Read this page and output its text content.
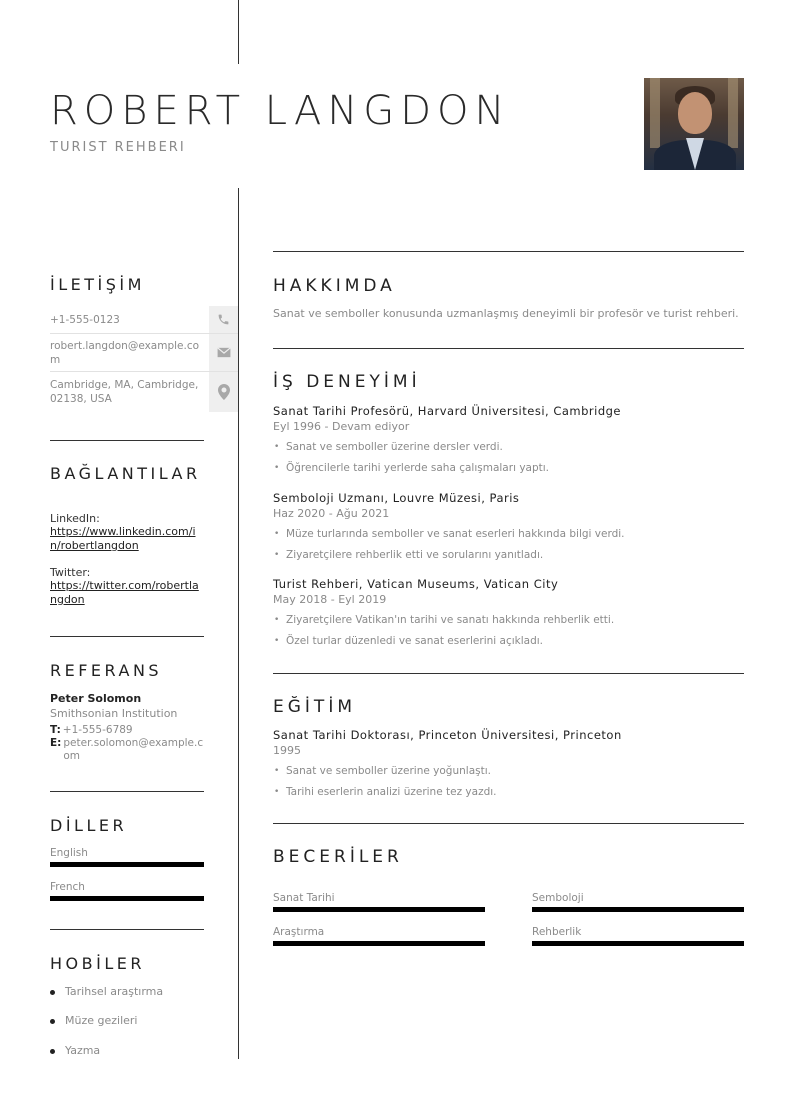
ROBERT LANGDON
TURIST REHBERI
İLETİŞİM
+1-555-0123
robert.langdon@example.com
Cambridge, MA, Cambridge, 02138, USA
BAĞLANTILAR
LinkedIn:
https://www.linkedin.com/in/robertlangdon
Twitter:
https://twitter.com/robertlangdon
REFERANS
Peter Solomon
Smithsonian Institution
T: +1-555-6789
E: peter.solomon@example.com
DİLLER
English
French
HOBİLER
Tarihsel araştırma
Müze gezileri
Yazma
HAKKIMDA
Sanat ve semboller konusunda uzmanlaşmış deneyimli bir profesör ve turist rehberi.
İŞ DENEYİMİ
Sanat Tarihi Profesörü, Harvard Üniversitesi, Cambridge
Eyl 1996 - Devam ediyor
• Sanat ve semboller üzerine dersler verdi.
• Öğrencilerle tarihi yerlerde saha çalışmaları yaptı.
Semboloji Uzmanı, Louvre Müzesi, Paris
Haz 2020 - Ağu 2021
• Müze turlarında semboller ve sanat eserleri hakkında bilgi verdi.
• Ziyaretçilere rehberlik etti ve sorularını yanıtladı.
Turist Rehberi, Vatican Museums, Vatican City
May 2018 - Eyl 2019
• Ziyaretçilere Vatikan'ın tarihi ve sanatı hakkında rehberlik etti.
• Özel turlar düzenledi ve sanat eserlerini açıkladı.
EĞİTİM
Sanat Tarihi Doktorası, Princeton Üniversitesi, Princeton
1995
• Sanat ve semboller üzerine yoğunlaştı.
• Tarihi eserlerin analizi üzerine tez yazdı.
BECERİLER
Sanat Tarihi	Semboloji
Araştırma	Rehberlik
